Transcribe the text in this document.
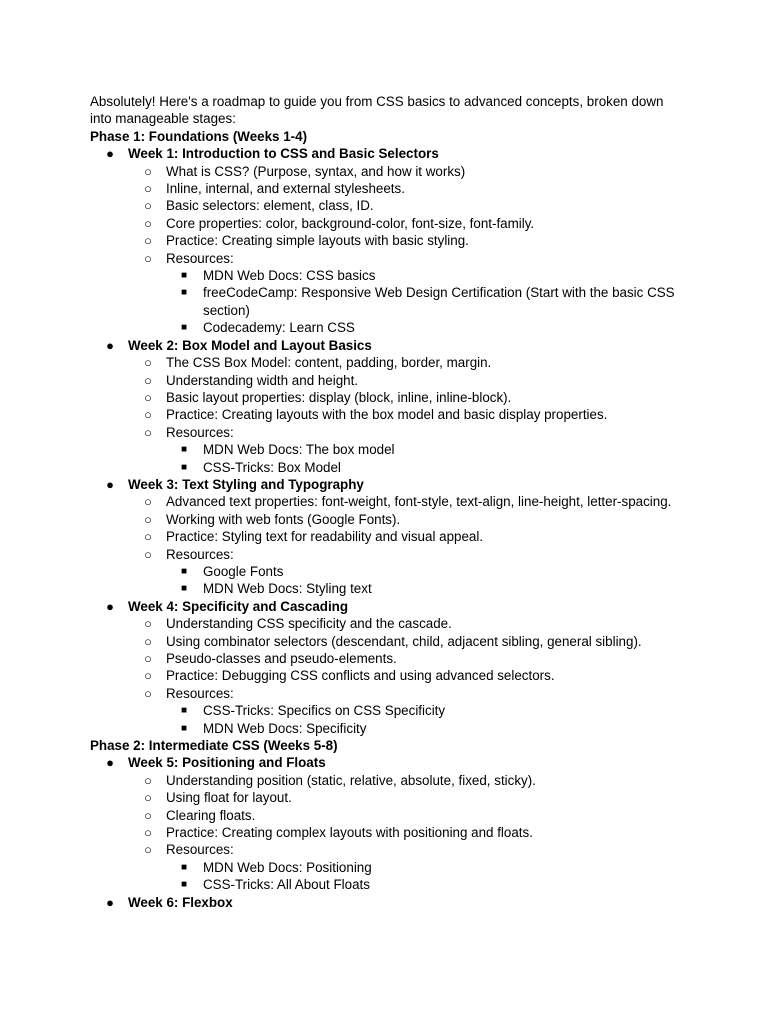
Absolutely! Here's a roadmap to guide you from CSS basics to advanced concepts, broken down into manageable stages:

Phase 1: Foundations (Weeks 1-4)
● Week 1: Introduction to CSS and Basic Selectors
○ What is CSS? (Purpose, syntax, and how it works)
○ Inline, internal, and external stylesheets.
○ Basic selectors: element, class, ID.
○ Core properties: color, background-color, font-size, font-family.
○ Practice: Creating simple layouts with basic styling.
○ Resources:
■ MDN Web Docs: CSS basics
■ freeCodeCamp: Responsive Web Design Certification (Start with the basic CSS section)
■ Codecademy: Learn CSS
● Week 2: Box Model and Layout Basics
○ The CSS Box Model: content, padding, border, margin.
○ Understanding width and height.
○ Basic layout properties: display (block, inline, inline-block).
○ Practice: Creating layouts with the box model and basic display properties.
○ Resources:
■ MDN Web Docs: The box model
■ CSS-Tricks: Box Model
● Week 3: Text Styling and Typography
○ Advanced text properties: font-weight, font-style, text-align, line-height, letter-spacing.
○ Working with web fonts (Google Fonts).
○ Practice: Styling text for readability and visual appeal.
○ Resources:
■ Google Fonts
■ MDN Web Docs: Styling text
● Week 4: Specificity and Cascading
○ Understanding CSS specificity and the cascade.
○ Using combinator selectors (descendant, child, adjacent sibling, general sibling).
○ Pseudo-classes and pseudo-elements.
○ Practice: Debugging CSS conflicts and using advanced selectors.
○ Resources:
■ CSS-Tricks: Specifics on CSS Specificity
■ MDN Web Docs: Specificity
Phase 2: Intermediate CSS (Weeks 5-8)
● Week 5: Positioning and Floats
○ Understanding position (static, relative, absolute, fixed, sticky).
○ Using float for layout.
○ Clearing floats.
○ Practice: Creating complex layouts with positioning and floats.
○ Resources:
■ MDN Web Docs: Positioning
■ CSS-Tricks: All About Floats
● Week 6: Flexbox
